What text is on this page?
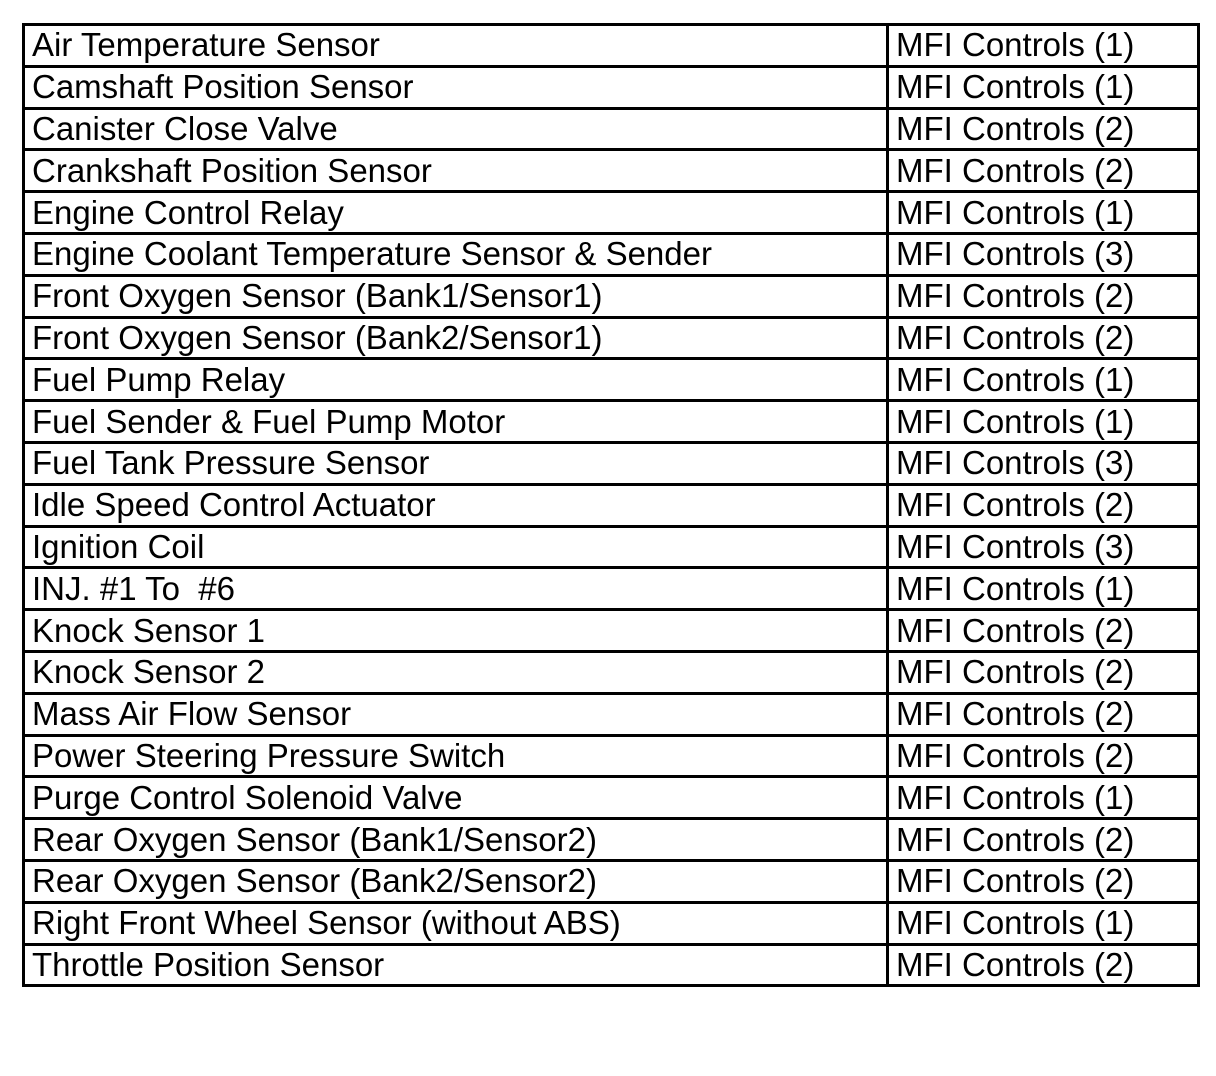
Air Temperature Sensor	MFI Controls (1)
Camshaft Position Sensor	MFI Controls (1)
Canister Close Valve	MFI Controls (2)
Crankshaft Position Sensor	MFI Controls (2)
Engine Control Relay	MFI Controls (1)
Engine Coolant Temperature Sensor & Sender	MFI Controls (3)
Front Oxygen Sensor (Bank1/Sensor1)	MFI Controls (2)
Front Oxygen Sensor (Bank2/Sensor1)	MFI Controls (2)
Fuel Pump Relay	MFI Controls (1)
Fuel Sender & Fuel Pump Motor	MFI Controls (1)
Fuel Tank Pressure Sensor	MFI Controls (3)
Idle Speed Control Actuator	MFI Controls (2)
Ignition Coil	MFI Controls (3)
INJ. #1 To  #6	MFI Controls (1)
Knock Sensor 1	MFI Controls (2)
Knock Sensor 2	MFI Controls (2)
Mass Air Flow Sensor	MFI Controls (2)
Power Steering Pressure Switch	MFI Controls (2)
Purge Control Solenoid Valve	MFI Controls (1)
Rear Oxygen Sensor (Bank1/Sensor2)	MFI Controls (2)
Rear Oxygen Sensor (Bank2/Sensor2)	MFI Controls (2)
Right Front Wheel Sensor (without ABS)	MFI Controls (1)
Throttle Position Sensor	MFI Controls (2)
